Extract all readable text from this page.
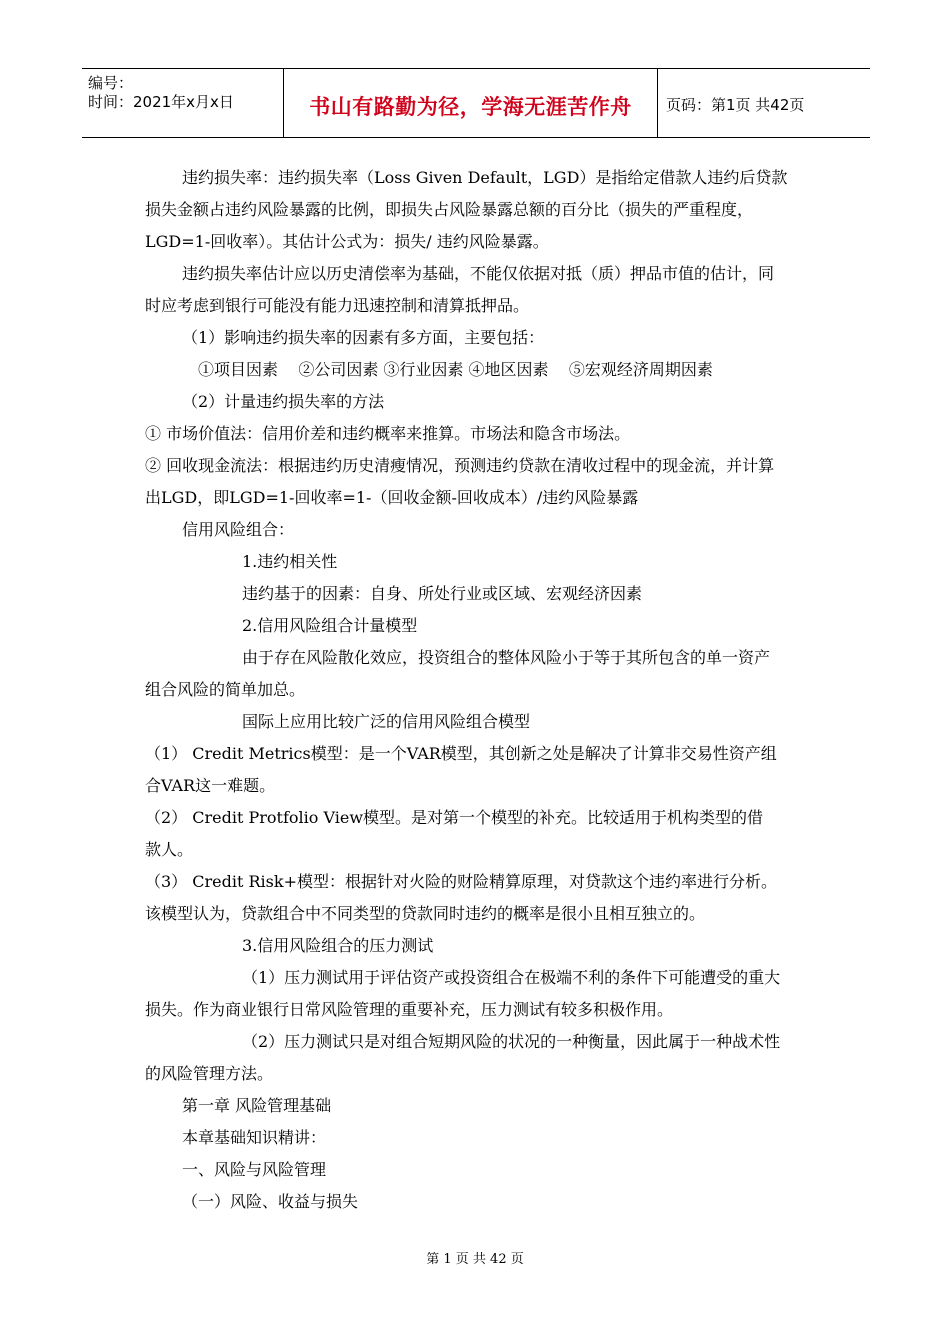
编号：
时间：2021年x月x日	书山有路勤为径，学海无涯苦作舟	页码：第1页 共42页
违约损失率：违约损失率（Loss Given Default，LGD）是指给定借款人违约后贷款
损失金额占违约风险暴露的比例，即损失占风险暴露总额的百分比（损失的严重程度，
LGD=1-回收率）。其估计公式为：损失/ 违约风险暴露。
违约损失率估计应以历史清偿率为基础，不能仅依据对抵（质）押品市值的估计，同
时应考虑到银行可能没有能力迅速控制和清算抵押品。
（1）影响违约损失率的因素有多方面，主要包括：
①项目因素    ②公司因素 ③行业因素 ④地区因素    ⑤宏观经济周期因素
（2）计量违约损失率的方法
① 市场价值法：信用价差和违约概率来推算。市场法和隐含市场法。
② 回收现金流法：根据违约历史清瘦情况，预测违约贷款在清收过程中的现金流，并计算
出LGD，即LGD=1-回收率=1-（回收金额-回收成本）/违约风险暴露
信用风险组合：
1.违约相关性
违约基于的因素：自身、所处行业或区域、宏观经济因素
2.信用风险组合计量模型
由于存在风险散化效应，投资组合的整体风险小于等于其所包含的单一资产
组合风险的简单加总。
国际上应用比较广泛的信用风险组合模型
（1） Credit Metrics模型：是一个VAR模型，其创新之处是解决了计算非交易性资产组
合VAR这一难题。
（2） Credit Protfolio View模型。是对第一个模型的补充。比较适用于机构类型的借
款人。
（3） Credit Risk+模型：根据针对火险的财险精算原理，对贷款这个违约率进行分析。
该模型认为，贷款组合中不同类型的贷款同时违约的概率是很小且相互独立的。
3.信用风险组合的压力测试
（1）压力测试用于评估资产或投资组合在极端不利的条件下可能遭受的重大
损失。作为商业银行日常风险管理的重要补充，压力测试有较多积极作用。
（2）压力测试只是对组合短期风险的状况的一种衡量，因此属于一种战术性
的风险管理方法。
第一章 风险管理基础
本章基础知识精讲：
一、风险与风险管理
（一）风险、收益与损失
第 1 页 共 42 页
